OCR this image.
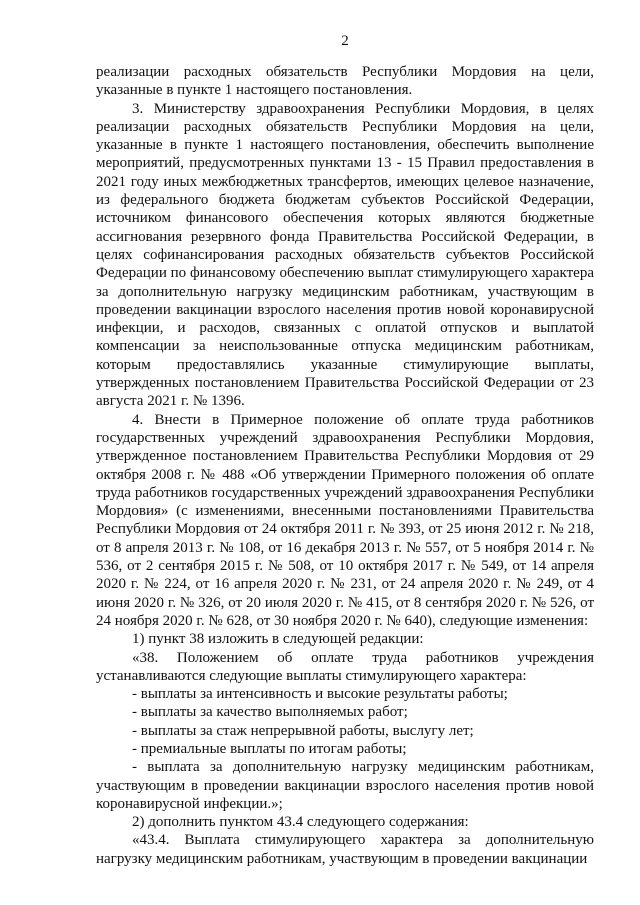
2

реализации расходных обязательств Республики Мордовия на цели, указанные в пункте 1 настоящего постановления.

3. Министерству здравоохранения Республики Мордовия, в целях реализации расходных обязательств Республики Мордовия на цели, указанные в пункте 1 настоящего постановления, обеспечить выполнение мероприятий, предусмотренных пунктами 13 - 15 Правил предоставления в 2021 году иных межбюджетных трансфертов, имеющих целевое назначение, из федерального бюджета бюджетам субъектов Российской Федерации, источником финансового обеспечения которых являются бюджетные ассигнования резервного фонда Правительства Российской Федерации, в целях софинансирования расходных обязательств субъектов Российской Федерации по финансовому обеспечению выплат стимулирующего характера за дополнительную нагрузку медицинским работникам, участвующим в проведении вакцинации взрослого населения против новой коронавирусной инфекции, и расходов, связанных с оплатой отпусков и выплатой компенсации за неиспользованные отпуска медицинским работникам, которым предоставлялись указанные стимулирующие выплаты, утвержденных постановлением Правительства Российской Федерации от 23 августа 2021 г. № 1396.

4. Внести в Примерное положение об оплате труда работников государственных учреждений здравоохранения Республики Мордовия, утвержденное постановлением Правительства Республики Мордовия от 29 октября 2008 г. № 488 «Об утверждении Примерного положения об оплате труда работников государственных учреждений здравоохранения Республики Мордовия» (с изменениями, внесенными постановлениями Правительства Республики Мордовия от 24 октября 2011 г. № 393, от 25 июня 2012 г. № 218, от 8 апреля 2013 г. № 108, от 16 декабря 2013 г. № 557, от 5 ноября 2014 г. № 536, от 2 сентября 2015 г. № 508, от 10 октября 2017 г. № 549, от 14 апреля 2020 г. № 224, от 16 апреля 2020 г. № 231, от 24 апреля 2020 г. № 249, от 4 июня 2020 г. № 326, от 20 июля 2020 г. № 415, от 8 сентября 2020 г. № 526, от 24 ноября 2020 г. № 628, от 30 ноября 2020 г. № 640), следующие изменения:

1) пункт 38 изложить в следующей редакции:

«38. Положением об оплате труда работников учреждения устанавливаются следующие выплаты стимулирующего характера:

- выплаты за интенсивность и высокие результаты работы;

- выплаты за качество выполняемых работ;

- выплаты за стаж непрерывной работы, выслугу лет;

- премиальные выплаты по итогам работы;

- выплата за дополнительную нагрузку медицинским работникам, участвующим в проведении вакцинации взрослого населения против новой коронавирусной инфекции.»;

2) дополнить пунктом 43.4 следующего содержания:

«43.4. Выплата стимулирующего характера за дополнительную нагрузку медицинским работникам, участвующим в проведении вакцинации
